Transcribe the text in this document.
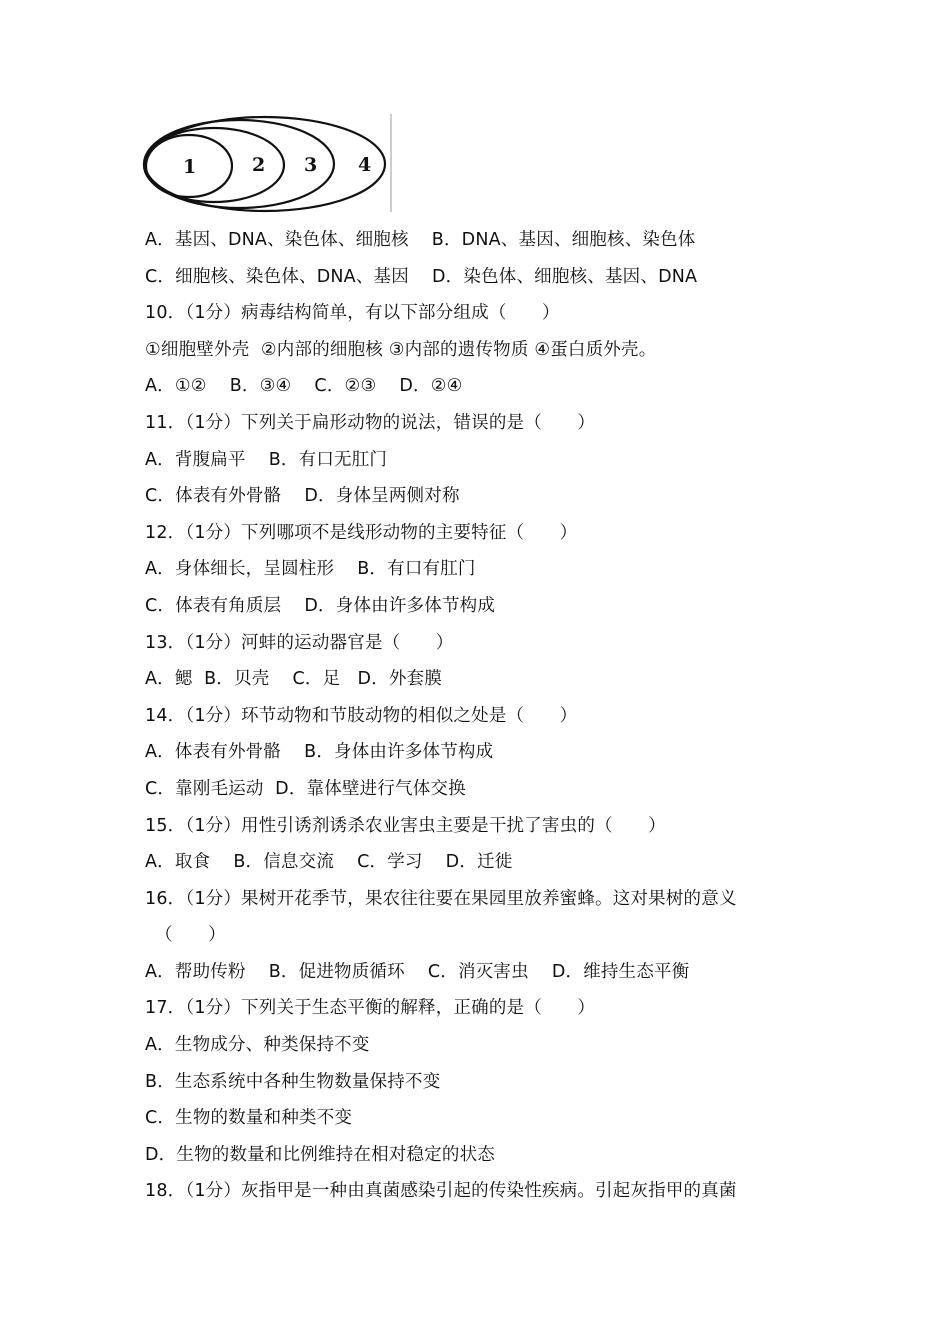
1	2 3 4
A．基因、DNA、染色体、细胞核    B．DNA、基因、细胞核、染色体
C．细胞核、染色体、DNA、基因    D．染色体、细胞核、基因、DNA
10．（1分）病毒结构简单，有以下部分组成（　　）
①细胞壁外壳  ②内部的细胞核 ③内部的遗传物质 ④蛋白质外壳。
A．①②    B．③④    C．②③    D．②④
11．（1分）下列关于扁形动物的说法，错误的是（　　）
A．背腹扁平    B．有口无肛门
C．体表有外骨骼    D．身体呈两侧对称
12．（1分）下列哪项不是线形动物的主要特征（　　）
A．身体细长，呈圆柱形    B．有口有肛门
C．体表有角质层    D．身体由许多体节构成
13．（1分）河蚌的运动器官是（　　）
A．鳃  B．贝壳    C．足   D．外套膜
14．（1分）环节动物和节肢动物的相似之处是（　　）
A．体表有外骨骼    B．身体由许多体节构成
C．靠刚毛运动  D．靠体壁进行气体交换
15．（1分）用性引诱剂诱杀农业害虫主要是干扰了害虫的（　　）
A．取食    B．信息交流    C．学习    D．迁徙
16．（1分）果树开花季节，果农往往要在果园里放养蜜蜂。这对果树的意义
（　　）
A．帮助传粉    B．促进物质循环    C．消灭害虫    D．维持生态平衡
17．（1分）下列关于生态平衡的解释，正确的是（　　）
A．生物成分、种类保持不变
B．生态系统中各种生物数量保持不变
C．生物的数量和种类不变
D．生物的数量和比例维持在相对稳定的状态
18．（1分）灰指甲是一种由真菌感染引起的传染性疾病。引起灰指甲的真菌
